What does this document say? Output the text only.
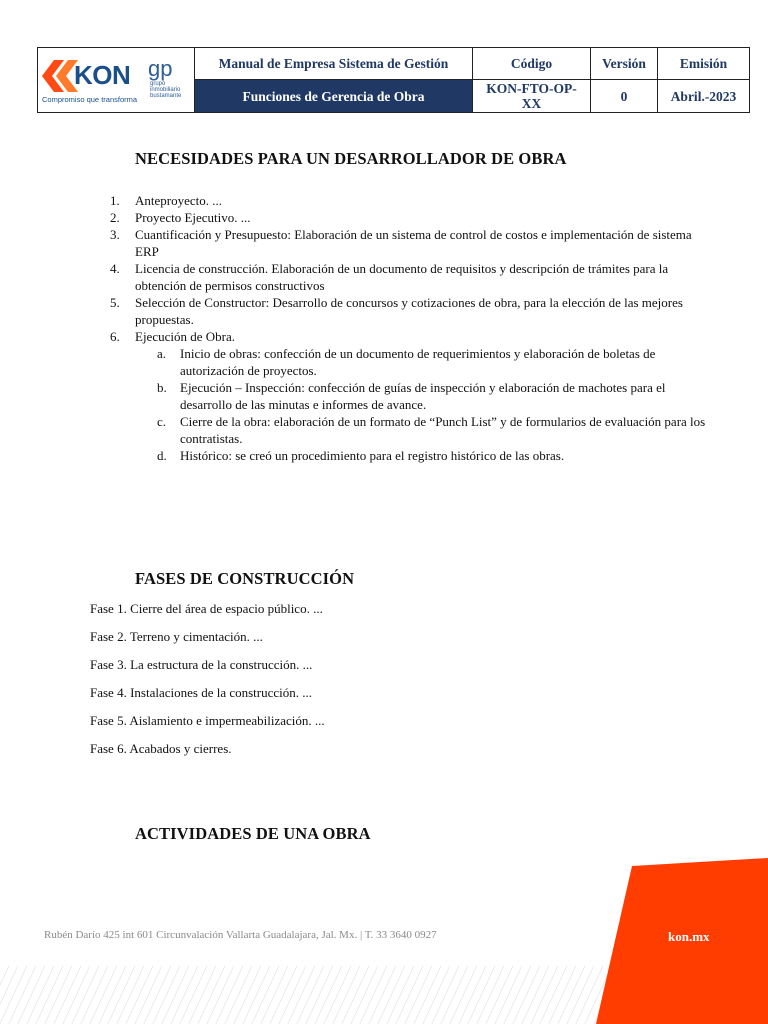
KON
Compromiso que transforma
gp
grupo inmobiliario bustamante
Manual de Empresa Sistema de Gestión
Funciones de Gerencia de Obra
Código
KON-FTO-OP-XX
Versión
0
Emisión
Abril.-2023
NECESIDADES PARA UN DESARROLLADOR DE OBRA
1. Anteproyecto. ...
2. Proyecto Ejecutivo. ...
3. Cuantificación y Presupuesto: Elaboración de un sistema de control de costos e implementación de sistema ERP
4. Licencia de construcción. Elaboración de un documento de requisitos y descripción de trámites para la obtención de permisos constructivos
5. Selección de Constructor: Desarrollo de concursos y cotizaciones de obra, para la elección de las mejores propuestas.
6. Ejecución de Obra.
a. Inicio de obras: confección de un documento de requerimientos y elaboración de boletas de autorización de proyectos.
b. Ejecución – Inspección: confección de guías de inspección y elaboración de machotes para el desarrollo de las minutas e informes de avance.
c. Cierre de la obra: elaboración de un formato de “Punch List” y de formularios de evaluación para los contratistas.
d. Histórico: se creó un procedimiento para el registro histórico de las obras.
FASES DE CONSTRUCCIÓN
Fase 1. Cierre del área de espacio público. ...
Fase 2. Terreno y cimentación. ...
Fase 3. La estructura de la construcción. ...
Fase 4. Instalaciones de la construcción. ...
Fase 5. Aislamiento e impermeabilización. ...
Fase 6. Acabados y cierres.
ACTIVIDADES DE UNA OBRA
Rubén Darío 425 int 601 Circunvalación Vallarta Guadalajara, Jal. Mx. | T. 33 3640 0927	kon.mx
